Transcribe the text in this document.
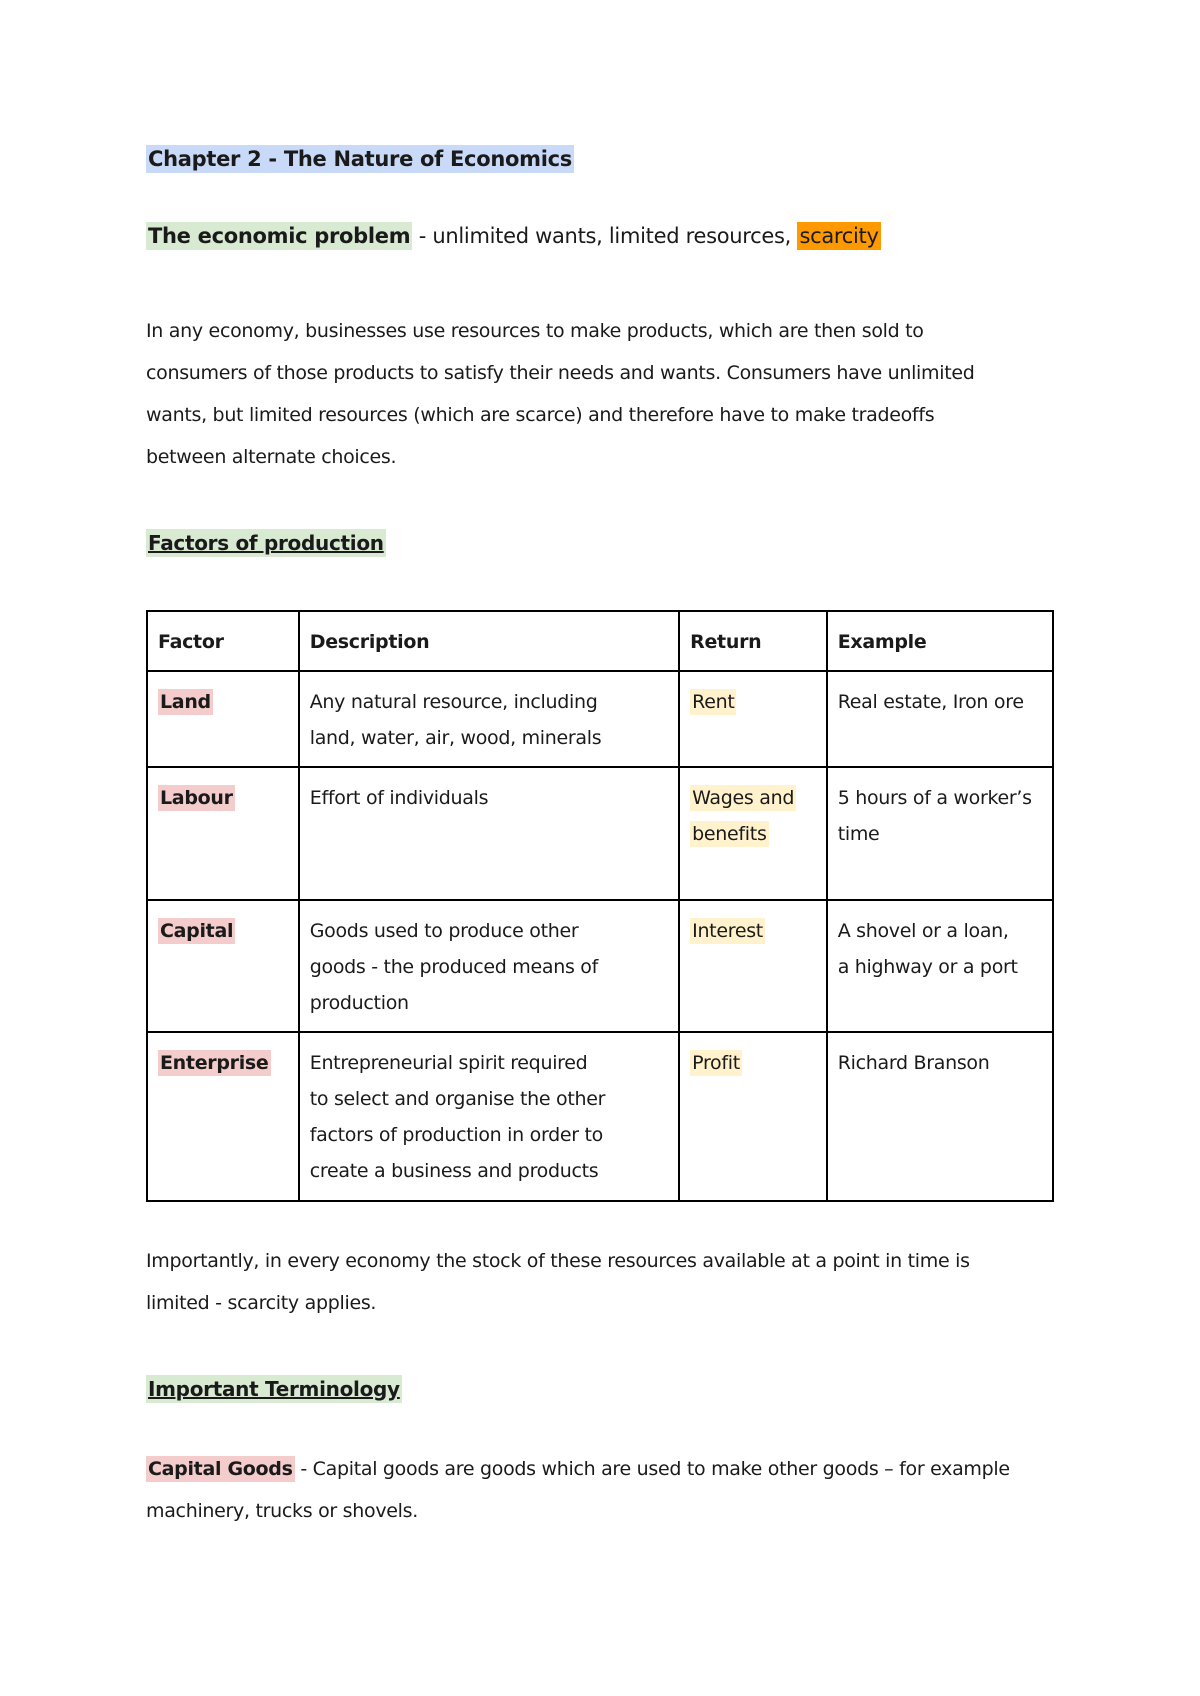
Chapter 2 - The Nature of Economics
The economic problem - unlimited wants, limited resources, scarcity
In any economy, businesses use resources to make products, which are then sold to
consumers of those products to satisfy their needs and wants. Consumers have unlimited
wants, but limited resources (which are scarce) and therefore have to make tradeoffs
between alternate choices.
Factors of production
Factor	Description	Return	Example
Land	Any natural resource, including
land, water, air, wood, minerals	Rent	Real estate, Iron ore

Labour	Effort of individuals	Wages and
benefits	5 hours of a worker’s
time

Capital	Goods used to produce other
goods - the produced means of
production	Interest	A shovel or a loan,
a highway or a port

Enterprise	Entrepreneurial spirit required
to select and organise the other
factors of production in order to
create a business and products	Profit	Richard Branson
Importantly, in every economy the stock of these resources available at a point in time is
limited - scarcity applies.
Important Terminology
Capital Goods - Capital goods are goods which are used to make other goods – for example
machinery, trucks or shovels.
